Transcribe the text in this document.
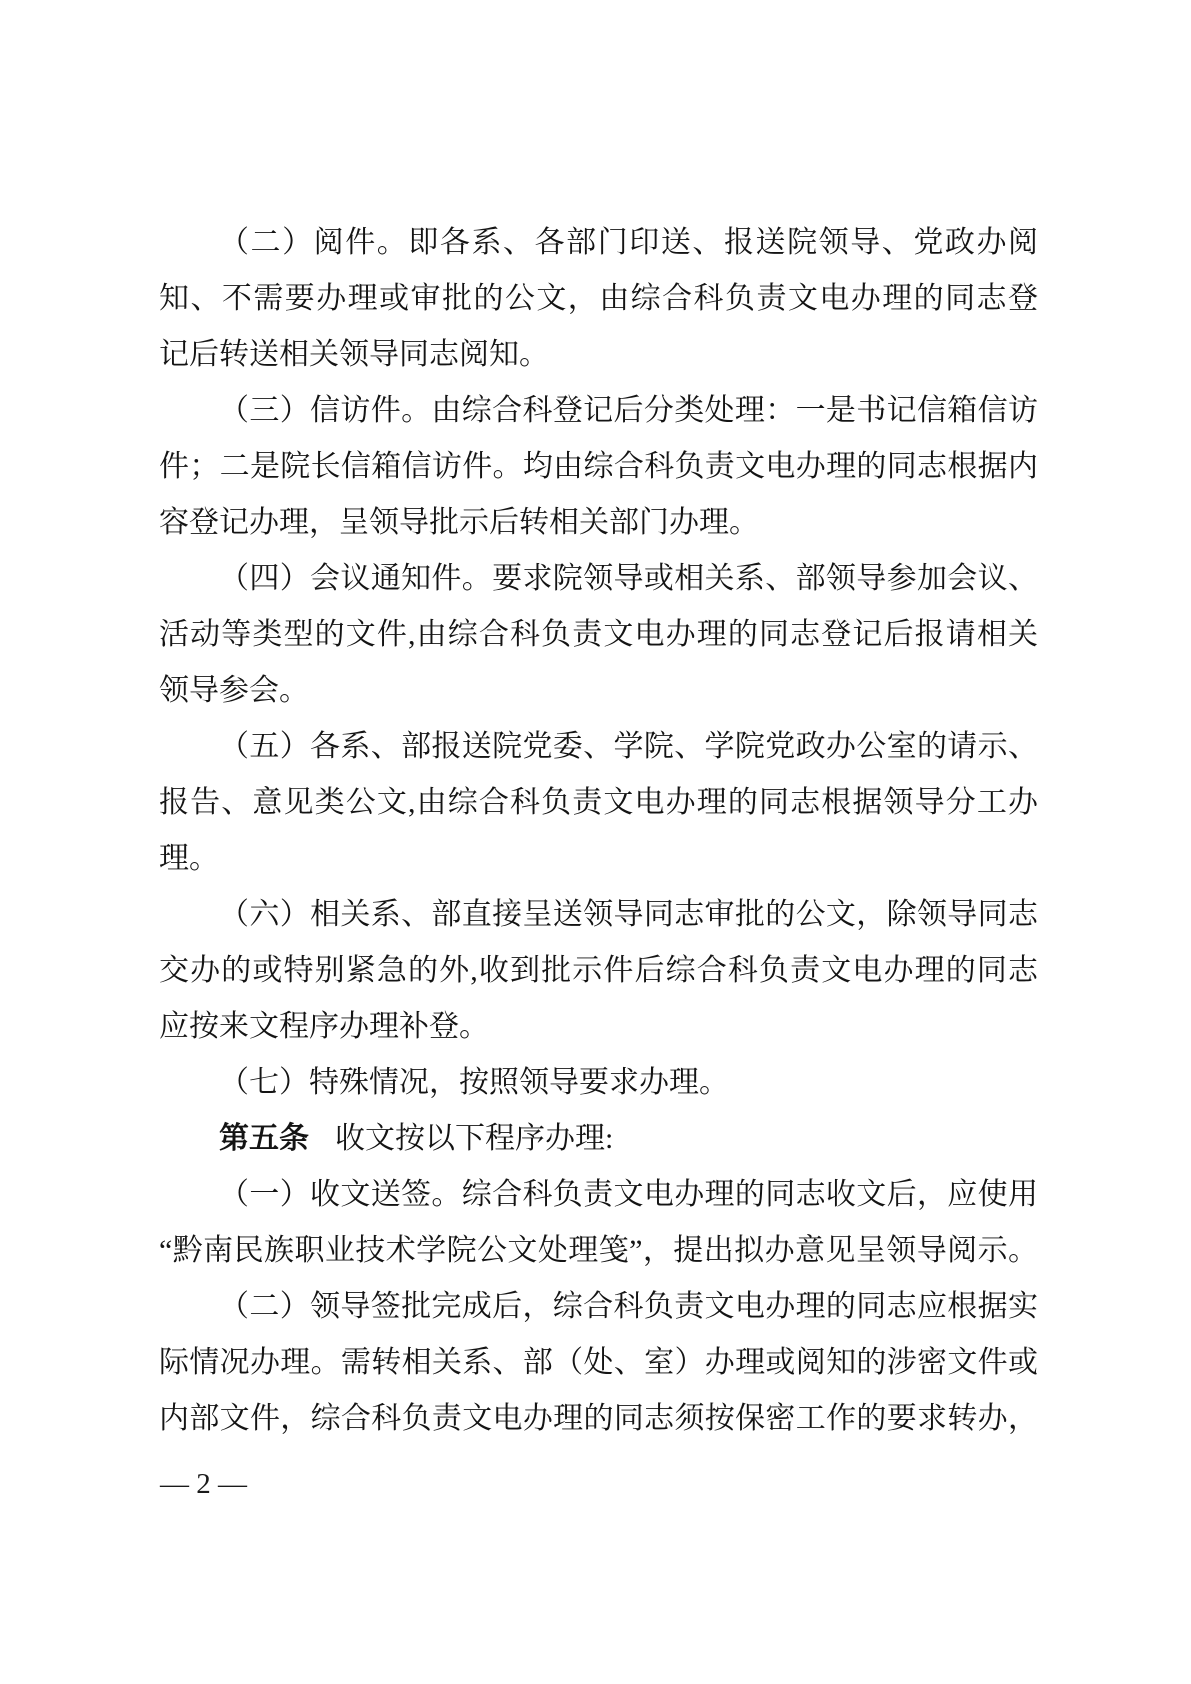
（二）阅件。即各系、各部门印送、报送院领导、党政办阅
知、不需要办理或审批的公文，由综合科负责文电办理的同志登
记后转送相关领导同志阅知。
（三）信访件。由综合科登记后分类处理：一是书记信箱信访
件；二是院长信箱信访件。均由综合科负责文电办理的同志根据内
容登记办理，呈领导批示后转相关部门办理。
（四）会议通知件。要求院领导或相关系、部领导参加会议、
活动等类型的文件,由综合科负责文电办理的同志登记后报请相关
领导参会。
（五）各系、部报送院党委、学院、学院党政办公室的请示、
报告、意见类公文,由综合科负责文电办理的同志根据领导分工办
理。
（六）相关系、部直接呈送领导同志审批的公文，除领导同志
交办的或特别紧急的外,收到批示件后综合科负责文电办理的同志
应按来文程序办理补登。
（七）特殊情况，按照领导要求办理。
第五条 收文按以下程序办理:
（一）收文送签。综合科负责文电办理的同志收文后，应使用
“黔南民族职业技术学院公文处理笺”，提出拟办意见呈领导阅示。
（二）领导签批完成后，综合科负责文电办理的同志应根据实
际情况办理。需转相关系、部（处、室）办理或阅知的涉密文件或
内部文件，综合科负责文电办理的同志须按保密工作的要求转办，
— 2 —
